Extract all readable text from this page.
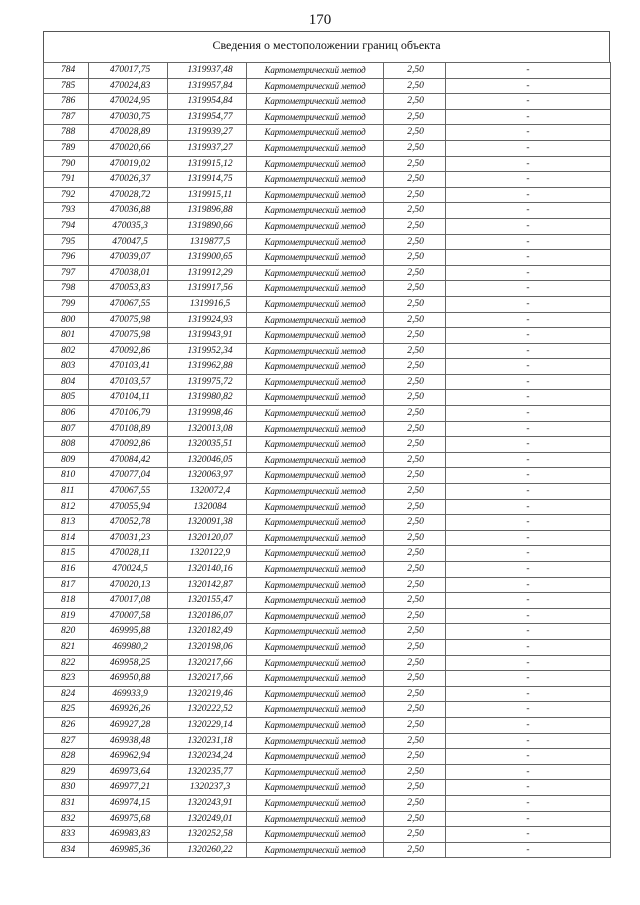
170
Сведения о местоположении границ объекта
784	470017,75	1319937,48	Картометрический метод	2,50	-
785	470024,83	1319957,84	Картометрический метод	2,50	-
786	470024,95	1319954,84	Картометрический метод	2,50	-
787	470030,75	1319954,77	Картометрический метод	2,50	-
788	470028,89	1319939,27	Картометрический метод	2,50	-
789	470020,66	1319937,27	Картометрический метод	2,50	-
790	470019,02	1319915,12	Картометрический метод	2,50	-
791	470026,37	1319914,75	Картометрический метод	2,50	-
792	470028,72	1319915,11	Картометрический метод	2,50	-
793	470036,88	1319896,88	Картометрический метод	2,50	-
794	470035,3	1319890,66	Картометрический метод	2,50	-
795	470047,5	1319877,5	Картометрический метод	2,50	-
796	470039,07	1319900,65	Картометрический метод	2,50	-
797	470038,01	1319912,29	Картометрический метод	2,50	-
798	470053,83	1319917,56	Картометрический метод	2,50	-
799	470067,55	1319916,5	Картометрический метод	2,50	-
800	470075,98	1319924,93	Картометрический метод	2,50	-
801	470075,98	1319943,91	Картометрический метод	2,50	-
802	470092,86	1319952,34	Картометрический метод	2,50	-
803	470103,41	1319962,88	Картометрический метод	2,50	-
804	470103,57	1319975,72	Картометрический метод	2,50	-
805	470104,11	1319980,82	Картометрический метод	2,50	-
806	470106,79	1319998,46	Картометрический метод	2,50	-
807	470108,89	1320013,08	Картометрический метод	2,50	-
808	470092,86	1320035,51	Картометрический метод	2,50	-
809	470084,42	1320046,05	Картометрический метод	2,50	-
810	470077,04	1320063,97	Картометрический метод	2,50	-
811	470067,55	1320072,4	Картометрический метод	2,50	-
812	470055,94	1320084	Картометрический метод	2,50	-
813	470052,78	1320091,38	Картометрический метод	2,50	-
814	470031,23	1320120,07	Картометрический метод	2,50	-
815	470028,11	1320122,9	Картометрический метод	2,50	-
816	470024,5	1320140,16	Картометрический метод	2,50	-
817	470020,13	1320142,87	Картометрический метод	2,50	-
818	470017,08	1320155,47	Картометрический метод	2,50	-
819	470007,58	1320186,07	Картометрический метод	2,50	-
820	469995,88	1320182,49	Картометрический метод	2,50	-
821	469980,2	1320198,06	Картометрический метод	2,50	-
822	469958,25	1320217,66	Картометрический метод	2,50	-
823	469950,88	1320217,66	Картометрический метод	2,50	-
824	469933,9	1320219,46	Картометрический метод	2,50	-
825	469926,26	1320222,52	Картометрический метод	2,50	-
826	469927,28	1320229,14	Картометрический метод	2,50	-
827	469938,48	1320231,18	Картометрический метод	2,50	-
828	469962,94	1320234,24	Картометрический метод	2,50	-
829	469973,64	1320235,77	Картометрический метод	2,50	-
830	469977,21	1320237,3	Картометрический метод	2,50	-
831	469974,15	1320243,91	Картометрический метод	2,50	-
832	469975,68	1320249,01	Картометрический метод	2,50	-
833	469983,83	1320252,58	Картометрический метод	2,50	-
834	469985,36	1320260,22	Картометрический метод	2,50	-
